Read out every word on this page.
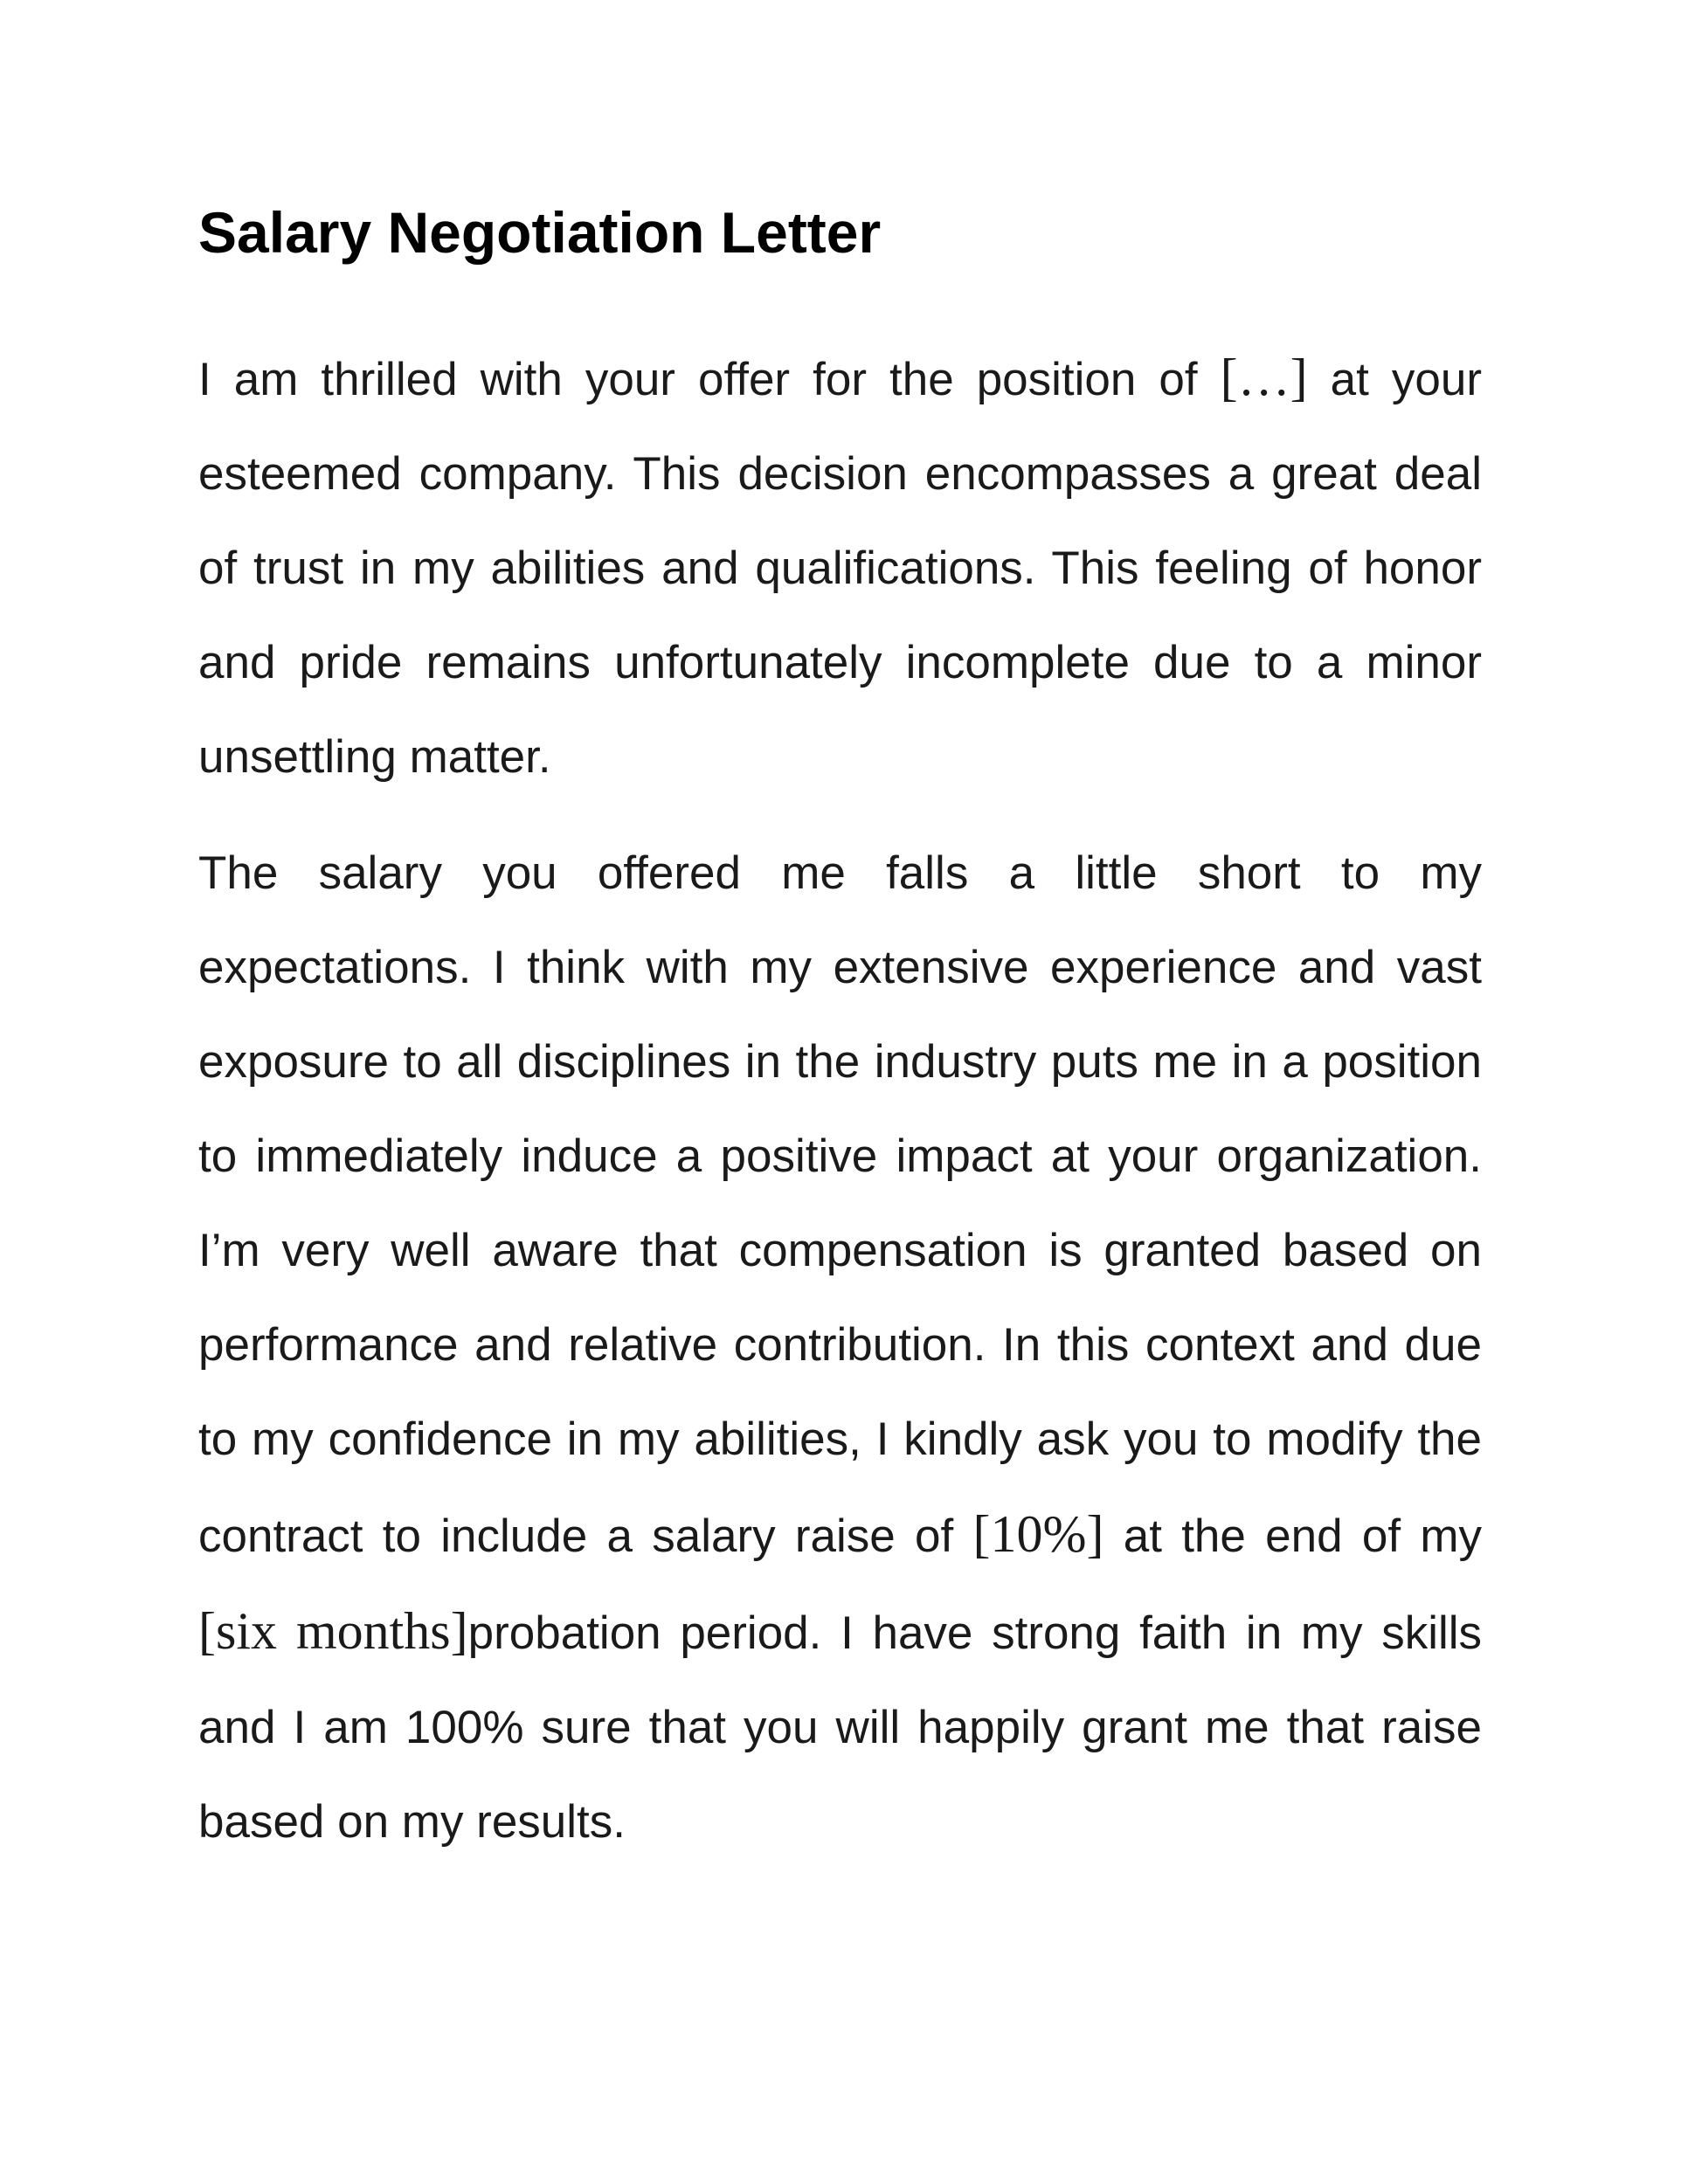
Salary Negotiation Letter

I am thrilled with your offer for the position of […] at your esteemed company. This decision encompasses a great deal of trust in my abilities and qualifications. This feeling of honor and pride remains unfortunately incomplete due to a minor unsettling matter.

The salary you offered me falls a little short to my expectations. I think with my extensive experience and vast exposure to all disciplines in the industry puts me in a position to immediately induce a positive impact at your organization. I’m very well aware that compensation is granted based on performance and relative contribution. In this context and due to my confidence in my abilities, I kindly ask you to modify the contract to include a salary raise of [10%] at the end of my [six months]probation period. I have strong faith in my skills and I am 100% sure that you will happily grant me that raise based on my results.
